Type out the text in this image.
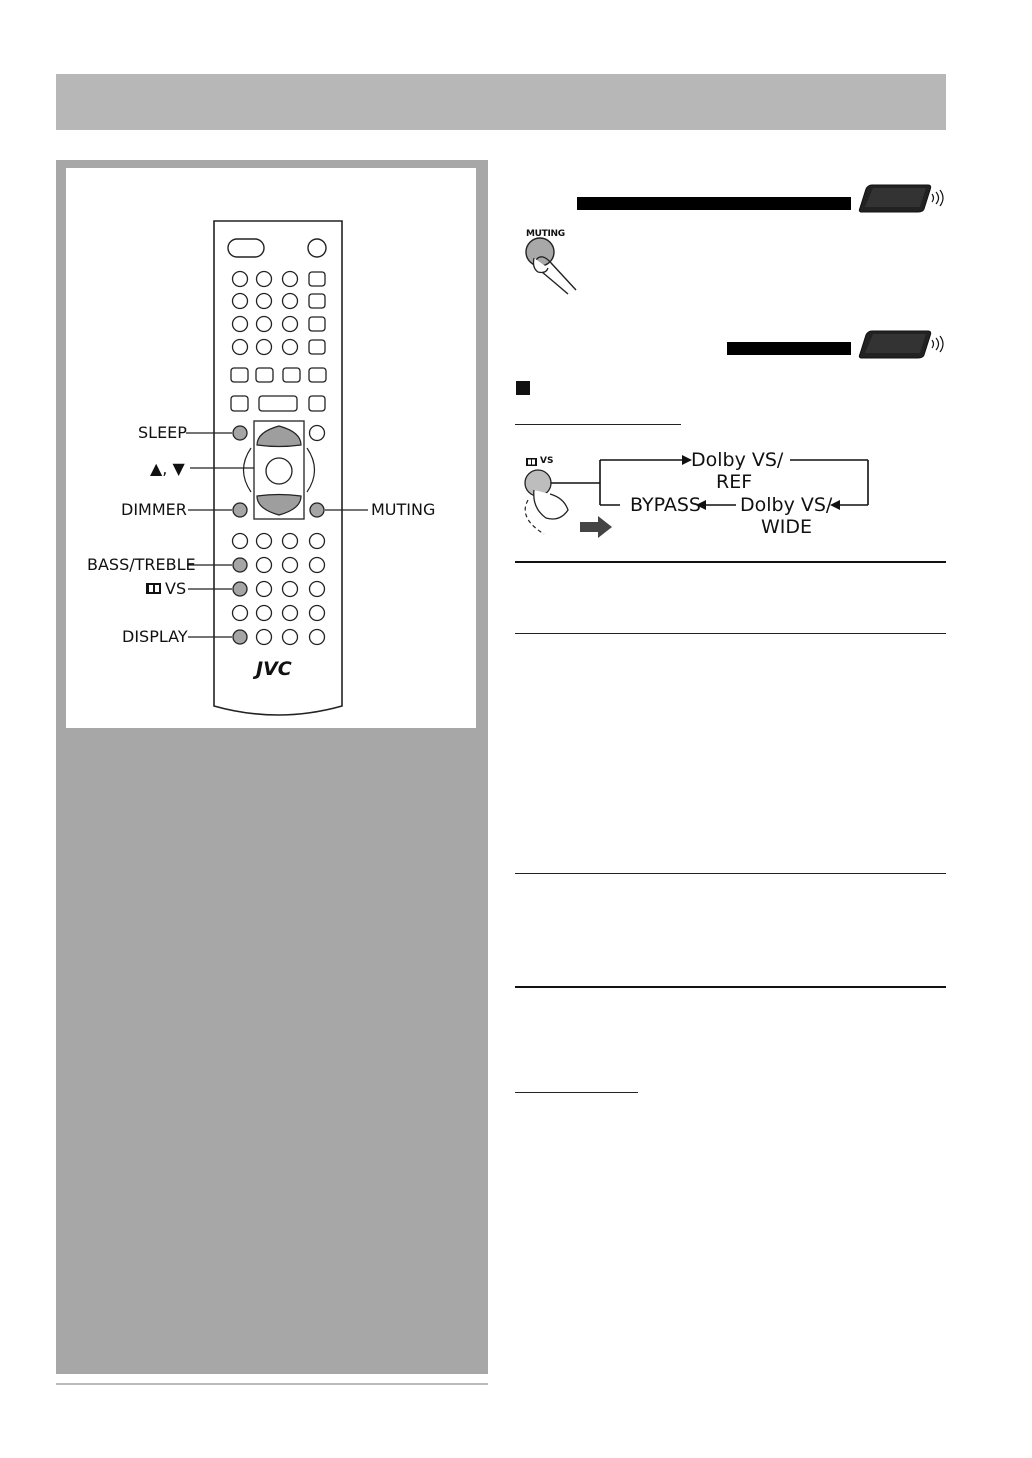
SLEEP
▲, ▼
DIMMER	MUTING
BASS/TREBLE
VS
DISPLAY
JVC
MUTING
Dolby VS/
REF
BYPASS Dolby VS/
WIDE
VS
